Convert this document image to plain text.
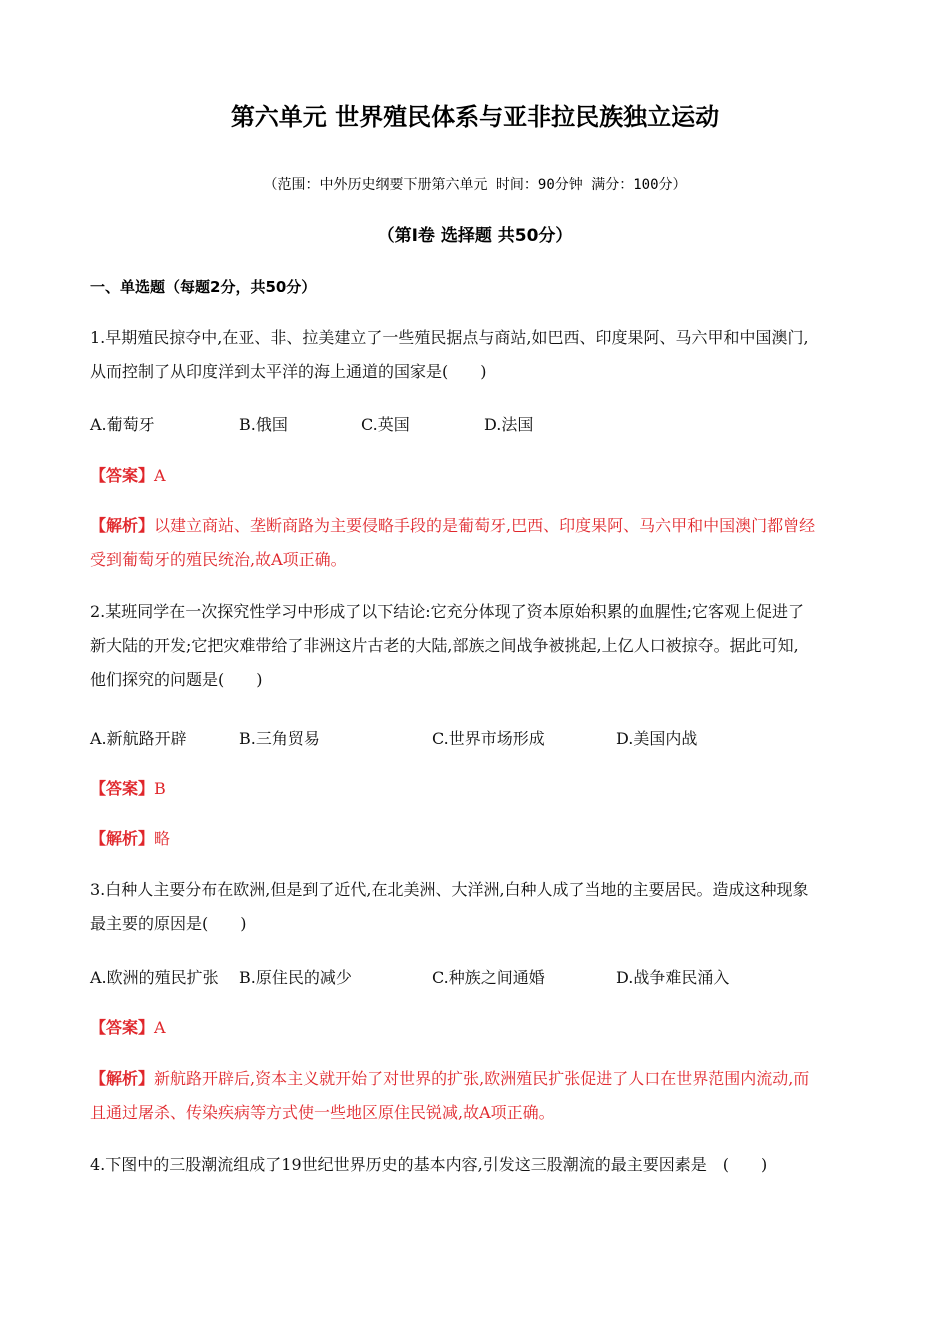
第六单元 世界殖民体系与亚非拉民族独立运动
（范围：中外历史纲要下册第六单元 时间：90分钟 满分：100分）
（第Ⅰ卷 选择题 共50分）
一、单选题（每题2分，共50分）
1.早期殖民掠夺中,在亚、非、拉美建立了一些殖民据点与商站,如巴西、印度果阿、马六甲和中国澳门,
从而控制了从印度洋到太平洋的海上通道的国家是(　　)
A.葡萄牙	B.俄国	C.英国	D.法国
【答案】A
【解析】以建立商站、垄断商路为主要侵略手段的是葡萄牙,巴西、印度果阿、马六甲和中国澳门都曾经
受到葡萄牙的殖民统治,故A项正确。
2.某班同学在一次探究性学习中形成了以下结论:它充分体现了资本原始积累的血腥性;它客观上促进了
新大陆的开发;它把灾难带给了非洲这片古老的大陆,部族之间战争被挑起,上亿人口被掠夺。据此可知,
他们探究的问题是(　　)
A.新航路开辟	B.三角贸易	C.世界市场形成	D.美国内战
【答案】B
【解析】略
3.白种人主要分布在欧洲,但是到了近代,在北美洲、大洋洲,白种人成了当地的主要居民。造成这种现象
最主要的原因是(　　)
A.欧洲的殖民扩张 B.原住民的减少	C.种族之间通婚	D.战争难民涌入
【答案】A
【解析】新航路开辟后,资本主义就开始了对世界的扩张,欧洲殖民扩张促进了人口在世界范围内流动,而
且通过屠杀、传染疾病等方式使一些地区原住民锐减,故A项正确。
4.下图中的三股潮流组成了19世纪世界历史的基本内容,引发这三股潮流的最主要因素是　(　　)
